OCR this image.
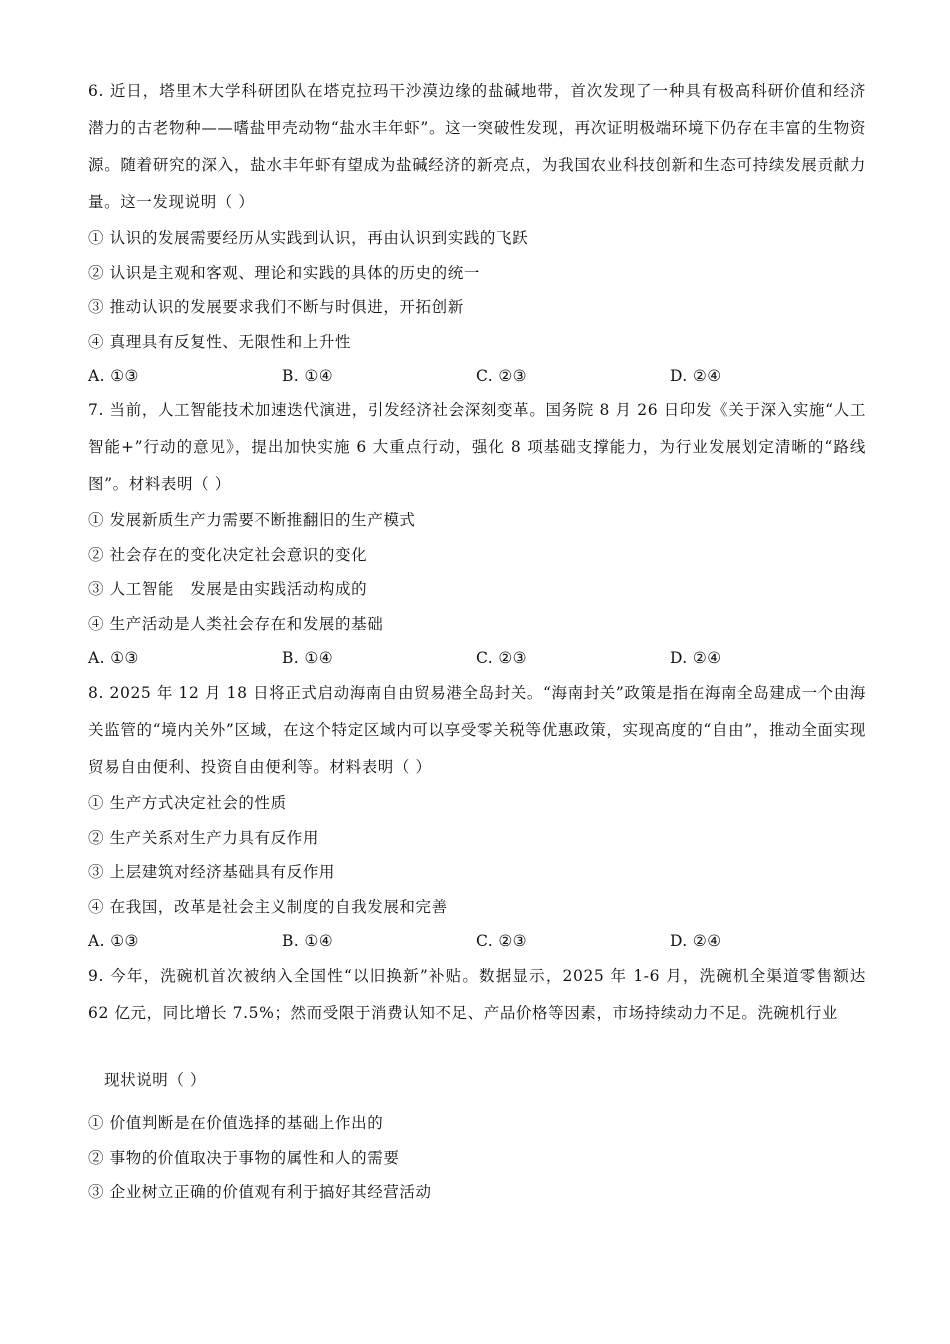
6. 近日，塔里木大学科研团队在塔克拉玛干沙漠边缘的盐碱地带，首次发现了一种具有极高科研价值和经济潜力的古老物种——嗜盐甲壳动物“盐水丰年虾”。这一突破性发现，再次证明极端环境下仍存在丰富的生物资源。随着研究的深入，盐水丰年虾有望成为盐碱经济的新亮点，为我国农业科技创新和生态可持续发展贡献力量。这一发现说明（ ）

① 认识的发展需要经历从实践到认识，再由认识到实践的飞跃

② 认识是主观和客观、理论和实践的具体的历史的统一

③ 推动认识的发展要求我们不断与时俱进，开拓创新

④ 真理具有反复性、无限性和上升性

A. ①③	B. ①④	C. ②③	D. ②④

7. 当前，人工智能技术加速迭代演进，引发经济社会深刻变革。国务院 8 月 26 日印发《关于深入实施“人工智能+”行动的意见》，提出加快实施 6 大重点行动，强化 8 项基础支撑能力，为行业发展划定清晰的“路线图”。材料表明（ ）

① 发展新质生产力需要不断推翻旧的生产模式

② 社会存在的变化决定社会意识的变化

③ 人工智能　发展是由实践活动构成的

④ 生产活动是人类社会存在和发展的基础

A. ①③	B. ①④	C. ②③	D. ②④

8. 2025 年 12 月 18 日将正式启动海南自由贸易港全岛封关。“海南封关”政策是指在海南全岛建成一个由海关监管的“境内关外”区域，在这个特定区域内可以享受零关税等优惠政策，实现高度的“自由”，推动全面实现贸易自由便利、投资自由便利等。材料表明（ ）

① 生产方式决定社会的性质

② 生产关系对生产力具有反作用

③ 上层建筑对经济基础具有反作用

④ 在我国，改革是社会主义制度的自我发展和完善

A. ①③	B. ①④	C. ②③	D. ②④

9. 今年，洗碗机首次被纳入全国性“以旧换新”补贴。数据显示，2025 年 1-6 月，洗碗机全渠道零售额达 62 亿元，同比增长 7.5%；然而受限于消费认知不足、产品价格等因素，市场持续动力不足。洗碗机行业

现状说明（ ）

① 价值判断是在价值选择的基础上作出的

② 事物的价值取决于事物的属性和人的需要

③ 企业树立正确的价值观有利于搞好其经营活动
